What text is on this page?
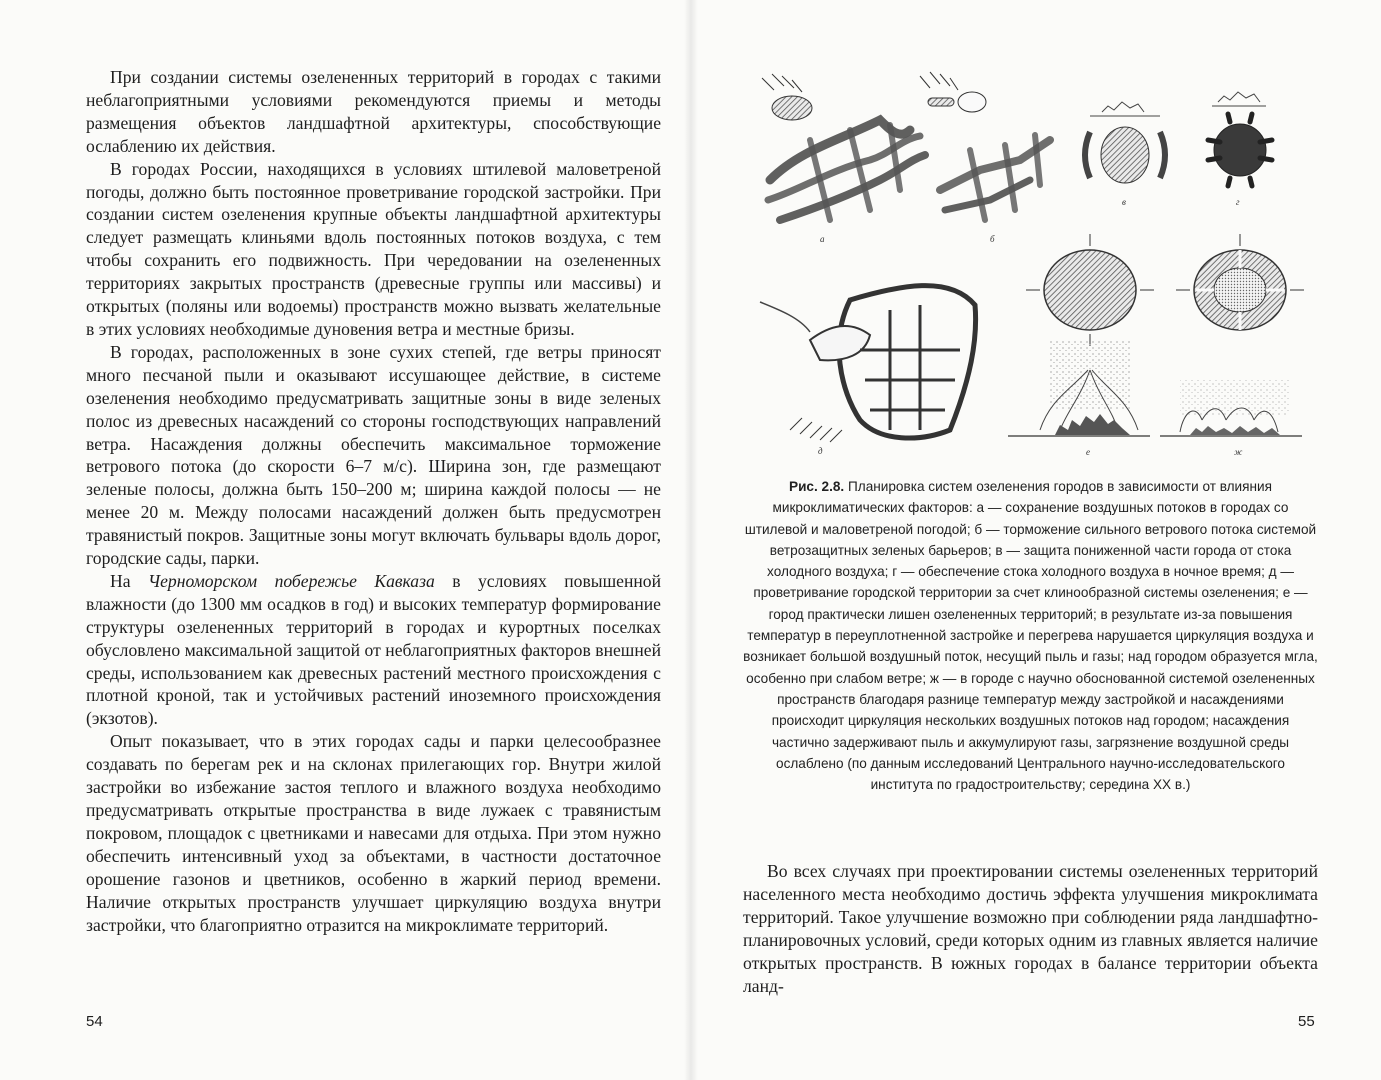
При создании системы озелененных территорий в городах с такими неблагоприятными условиями рекомендуются приемы и методы размещения объектов ландшафтной архитектуры, способствующие ослаблению их действия.

В городах России, находящихся в условиях штилевой маловетреной погоды, должно быть постоянное проветривание городской застройки. При создании систем озеленения крупные объекты ландшафтной архитектуры следует размещать клиньями вдоль постоянных потоков воздуха, с тем чтобы сохранить его подвижность. При чередовании на озелененных территориях закрытых пространств (древесные группы или массивы) и открытых (поляны или водоемы) пространств можно вызвать желательные в этих условиях необходимые дуновения ветра и местные бризы.

В городах, расположенных в зоне сухих степей, где ветры приносят много песчаной пыли и оказывают иссушающее действие, в системе озеленения необходимо предусматривать защитные зоны в виде зеленых полос из древесных насаждений со стороны господствующих направлений ветра. Насаждения должны обеспечить максимальное торможение ветрового потока (до скорости 6–7 м/с). Ширина зон, где размещают зеленые полосы, должна быть 150–200 м; ширина каждой полосы — не менее 20 м. Между полосами насаждений должен быть предусмотрен травянистый покров. Защитные зоны могут включать бульвары вдоль дорог, городские сады, парки.

На Черноморском побережье Кавказа в условиях повышенной влажности (до 1300 мм осадков в год) и высоких температур формирование структуры озелененных территорий в городах и курортных поселках обусловлено максимальной защитой от неблагоприятных факторов внешней среды, использованием как древесных растений местного происхождения с плотной кроной, так и устойчивых растений иноземного происхождения (экзотов).

Опыт показывает, что в этих городах сады и парки целесообразнее создавать по берегам рек и на склонах прилегающих гор. Внутри жилой застройки во избежание застоя теплого и влажного воздуха необходимо предусматривать открытые пространства в виде лужаек с травянистым покровом, площадок с цветниками и навесами для отдыха. При этом нужно обеспечить интенсивный уход за объектами, в частности достаточное орошение газонов и цветников, особенно в жаркий период времени. Наличие открытых пространств улучшает циркуляцию воздуха внутри застройки, что благоприятно отразится на микроклимате территорий.

54
а	б
в	г
д	е	ж
Рис. 2.8. Планировка систем озеленения городов в зависимости от влияния микроклиматических факторов: а — сохранение воздушных потоков в городах со штилевой и маловетреной погодой; б — торможение сильного ветрового потока системой ветрозащитных зеленых барьеров; в — защита пониженной части города от стока холодного воздуха; г — обеспечение стока холодного воздуха в ночное время; д — проветривание городской территории за счет клинообразной системы озеленения; е — город практически лишен озелененных территорий; в результате из-за повышения температур в переуплотненной застройке и перегрева нарушается циркуляция воздуха и возникает большой воздушный поток, несущий пыль и газы; над городом образуется мгла, особенно при слабом ветре; ж — в городе с научно обоснованной системой озелененных пространств благодаря разнице температур между застройкой и насаждениями происходит циркуляция нескольких воздушных потоков над городом; насаждения частично задерживают пыль и аккумулируют газы, загрязнение воздушной среды ослаблено (по данным исследований Центрального научно-исследовательского института по градостроительству; середина XX в.)

Во всех случаях при проектировании системы озелененных территорий населенного места необходимо достичь эффекта улучшения микроклимата территорий. Такое улучшение возможно при соблюдении ряда ландшафтно-планировочных условий, среди которых одним из главных является наличие открытых пространств. В южных городах в балансе территории объекта ланд-

55
